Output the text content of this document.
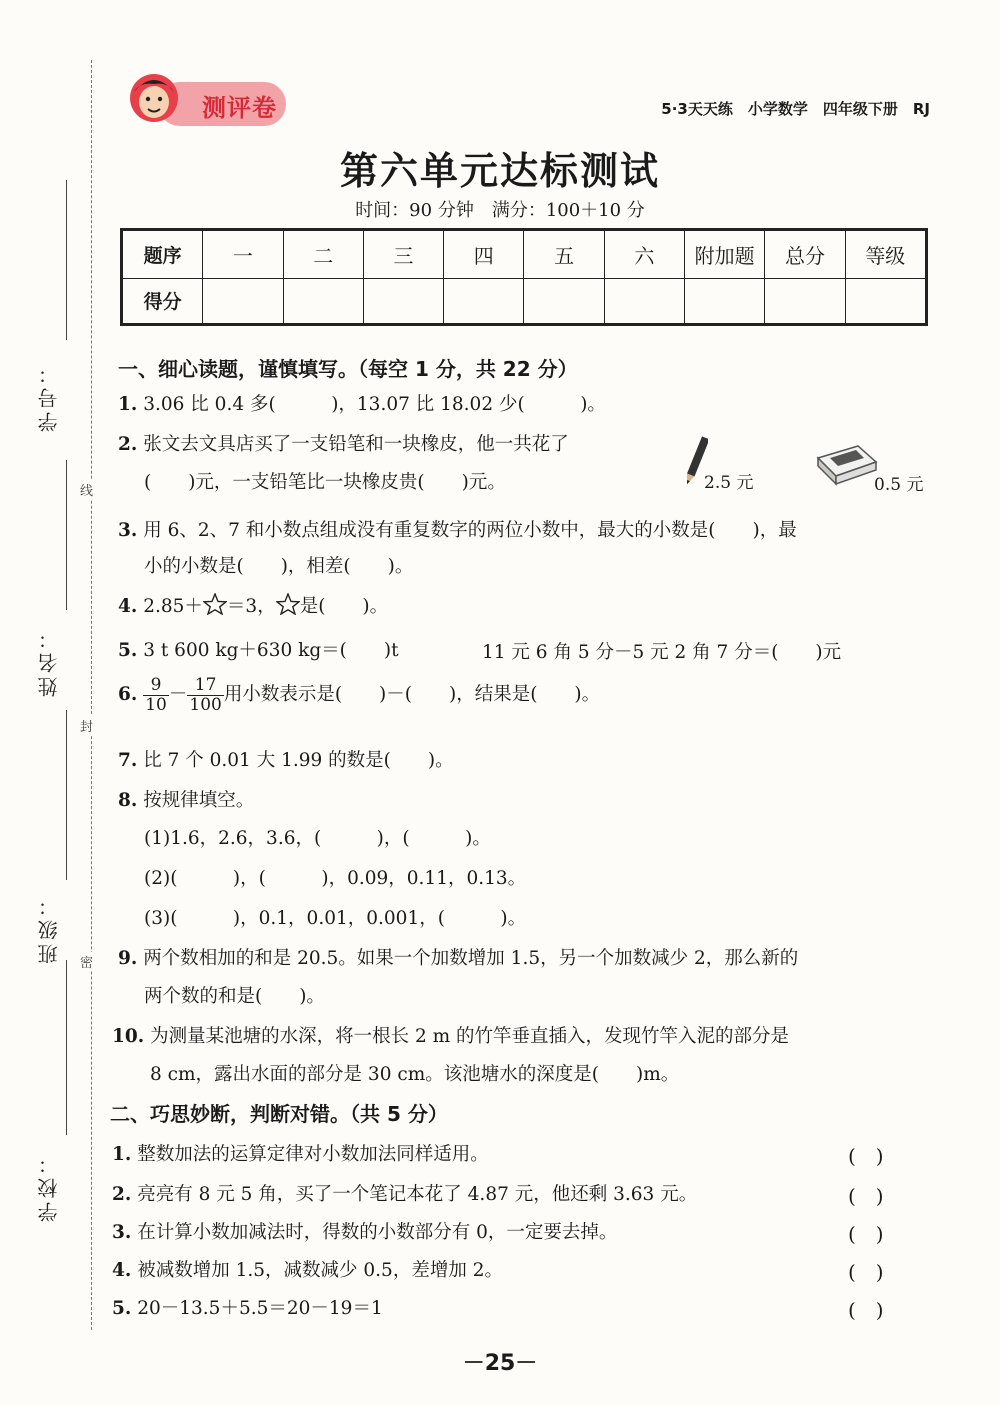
学号：
姓名：
班级：
学校：
线
封
密
测评卷	5·3天天练　小学数学　四年级下册　RJ
第六单元达标测试
时间：90 分钟　满分：100＋10 分
题序	一	二	三	四	五	六	附加题	总分	等级
得分									
一、细心读题，谨慎填写。（每空 1 分，共 22 分）
1. 3.06 比 0.4 多(　　　)，13.07 比 18.02 少(　　　)。
2. 张文去文具店买了一支铅笔和一块橡皮，他一共花了
(　　)元，一支铅笔比一块橡皮贵(　　)元。	2.5 元	0.5 元
3. 用 6、2、7 和小数点组成没有重复数字的两位小数中，最大的小数是(　　)，最
小的小数是(　　)，相差(　　)。
4. 2.85＋ ＝3， 是(　　)。
5. 3 t 600 kg＋630 kg＝(　　)t	11 元 6 角 5 分－5 元 2 角 7 分＝(　　)元
6. $\frac{9}{10} - \frac{17}{100}$ 用小数表示是(　　)－(　　)，结果是(　　)。
7. 比 7 个 0.01 大 1.99 的数是(　　)。
8. 按规律填空。
(1)1.6，2.6，3.6，(　　　)，(　　　)。
(2)(　　　)，(　　　)，0.09，0.11，0.13。
(3)(　　　)，0.1，0.01，0.001，(　　　)。
9. 两个数相加的和是 20.5。如果一个加数增加 1.5，另一个加数减少 2，那么新的
两个数的和是(　　)。
10. 为测量某池塘的水深，将一根长 2 m 的竹竿垂直插入，发现竹竿入泥的部分是
8 cm，露出水面的部分是 30 cm。该池塘水的深度是(　　)m。
二、巧思妙断，判断对错。（共 5 分）
1. 整数加法的运算定律对小数加法同样适用。	(　)
2. 亮亮有 8 元 5 角，买了一个笔记本花了 4.87 元，他还剩 3.63 元。	(　)
3. 在计算小数加减法时，得数的小数部分有 0，一定要去掉。	(　)
4. 被减数增加 1.5，减数减少 0.5，差增加 2。	(　)
5. 20－13.5＋5.5＝20－19＝1	(　)
－25－
